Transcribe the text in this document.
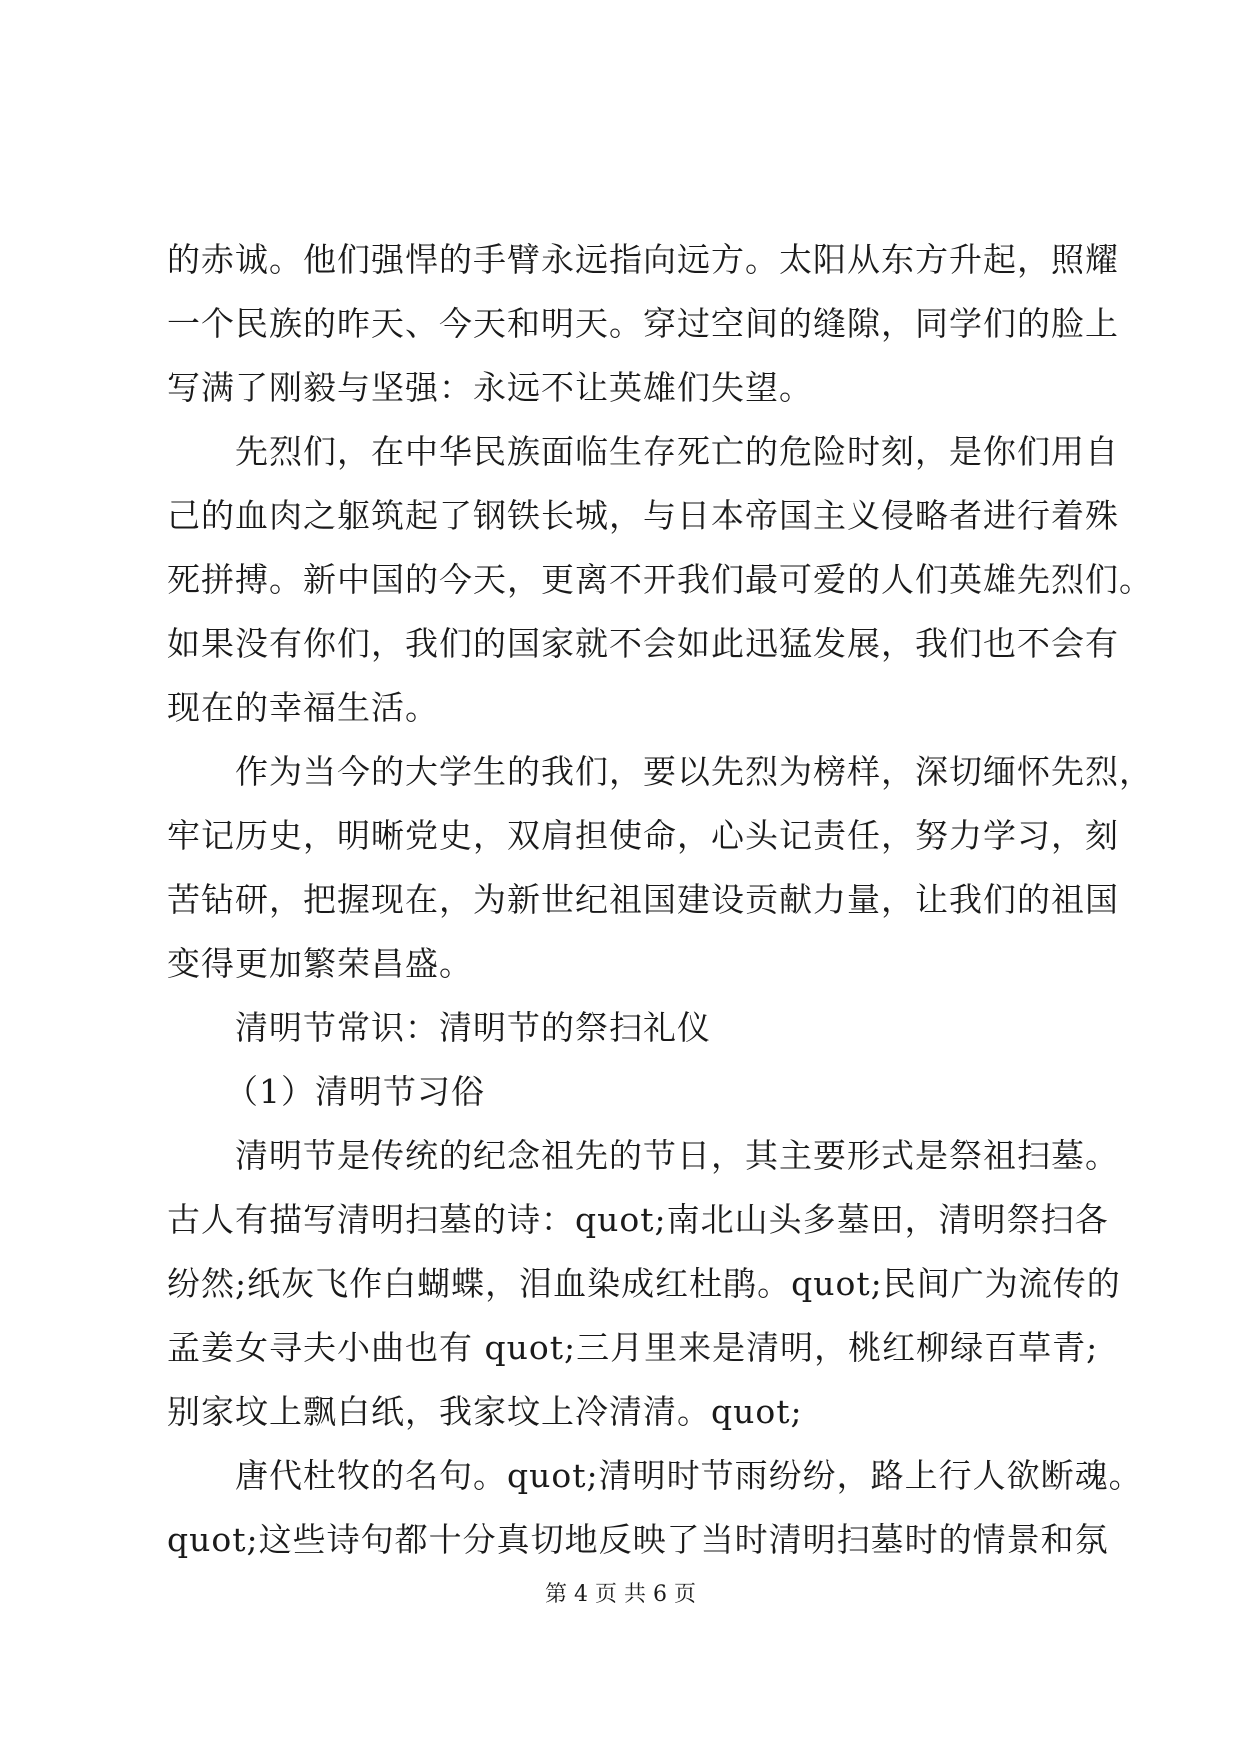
的赤诚。他们强悍的手臂永远指向远方。太阳从东方升起，照耀
一个民族的昨天、今天和明天。穿过空间的缝隙，同学们的脸上
写满了刚毅与坚强：永远不让英雄们失望。
先烈们，在中华民族面临生存死亡的危险时刻，是你们用自
己的血肉之躯筑起了钢铁长城，与日本帝国主义侵略者进行着殊
死拼搏。新中国的今天，更离不开我们最可爱的人们英雄先烈们。
如果没有你们，我们的国家就不会如此迅猛发展，我们也不会有
现在的幸福生活。
作为当今的大学生的我们，要以先烈为榜样，深切缅怀先烈，
牢记历史，明晰党史，双肩担使命，心头记责任，努力学习，刻
苦钻研，把握现在，为新世纪祖国建设贡献力量，让我们的祖国
变得更加繁荣昌盛。
清明节常识：清明节的祭扫礼仪
（1）清明节习俗
清明节是传统的纪念祖先的节日，其主要形式是祭祖扫墓。
古人有描写清明扫墓的诗：quot;南北山头多墓田，清明祭扫各
纷然;纸灰飞作白蝴蝶，泪血染成红杜鹃。quot;民间广为流传的
孟姜女寻夫小曲也有 quot;三月里来是清明，桃红柳绿百草青;
别家坟上飘白纸，我家坟上冷清清。quot;
唐代杜牧的名句。quot;清明时节雨纷纷，路上行人欲断魂。
quot;这些诗句都十分真切地反映了当时清明扫墓时的情景和氛
第 4 页 共 6 页
